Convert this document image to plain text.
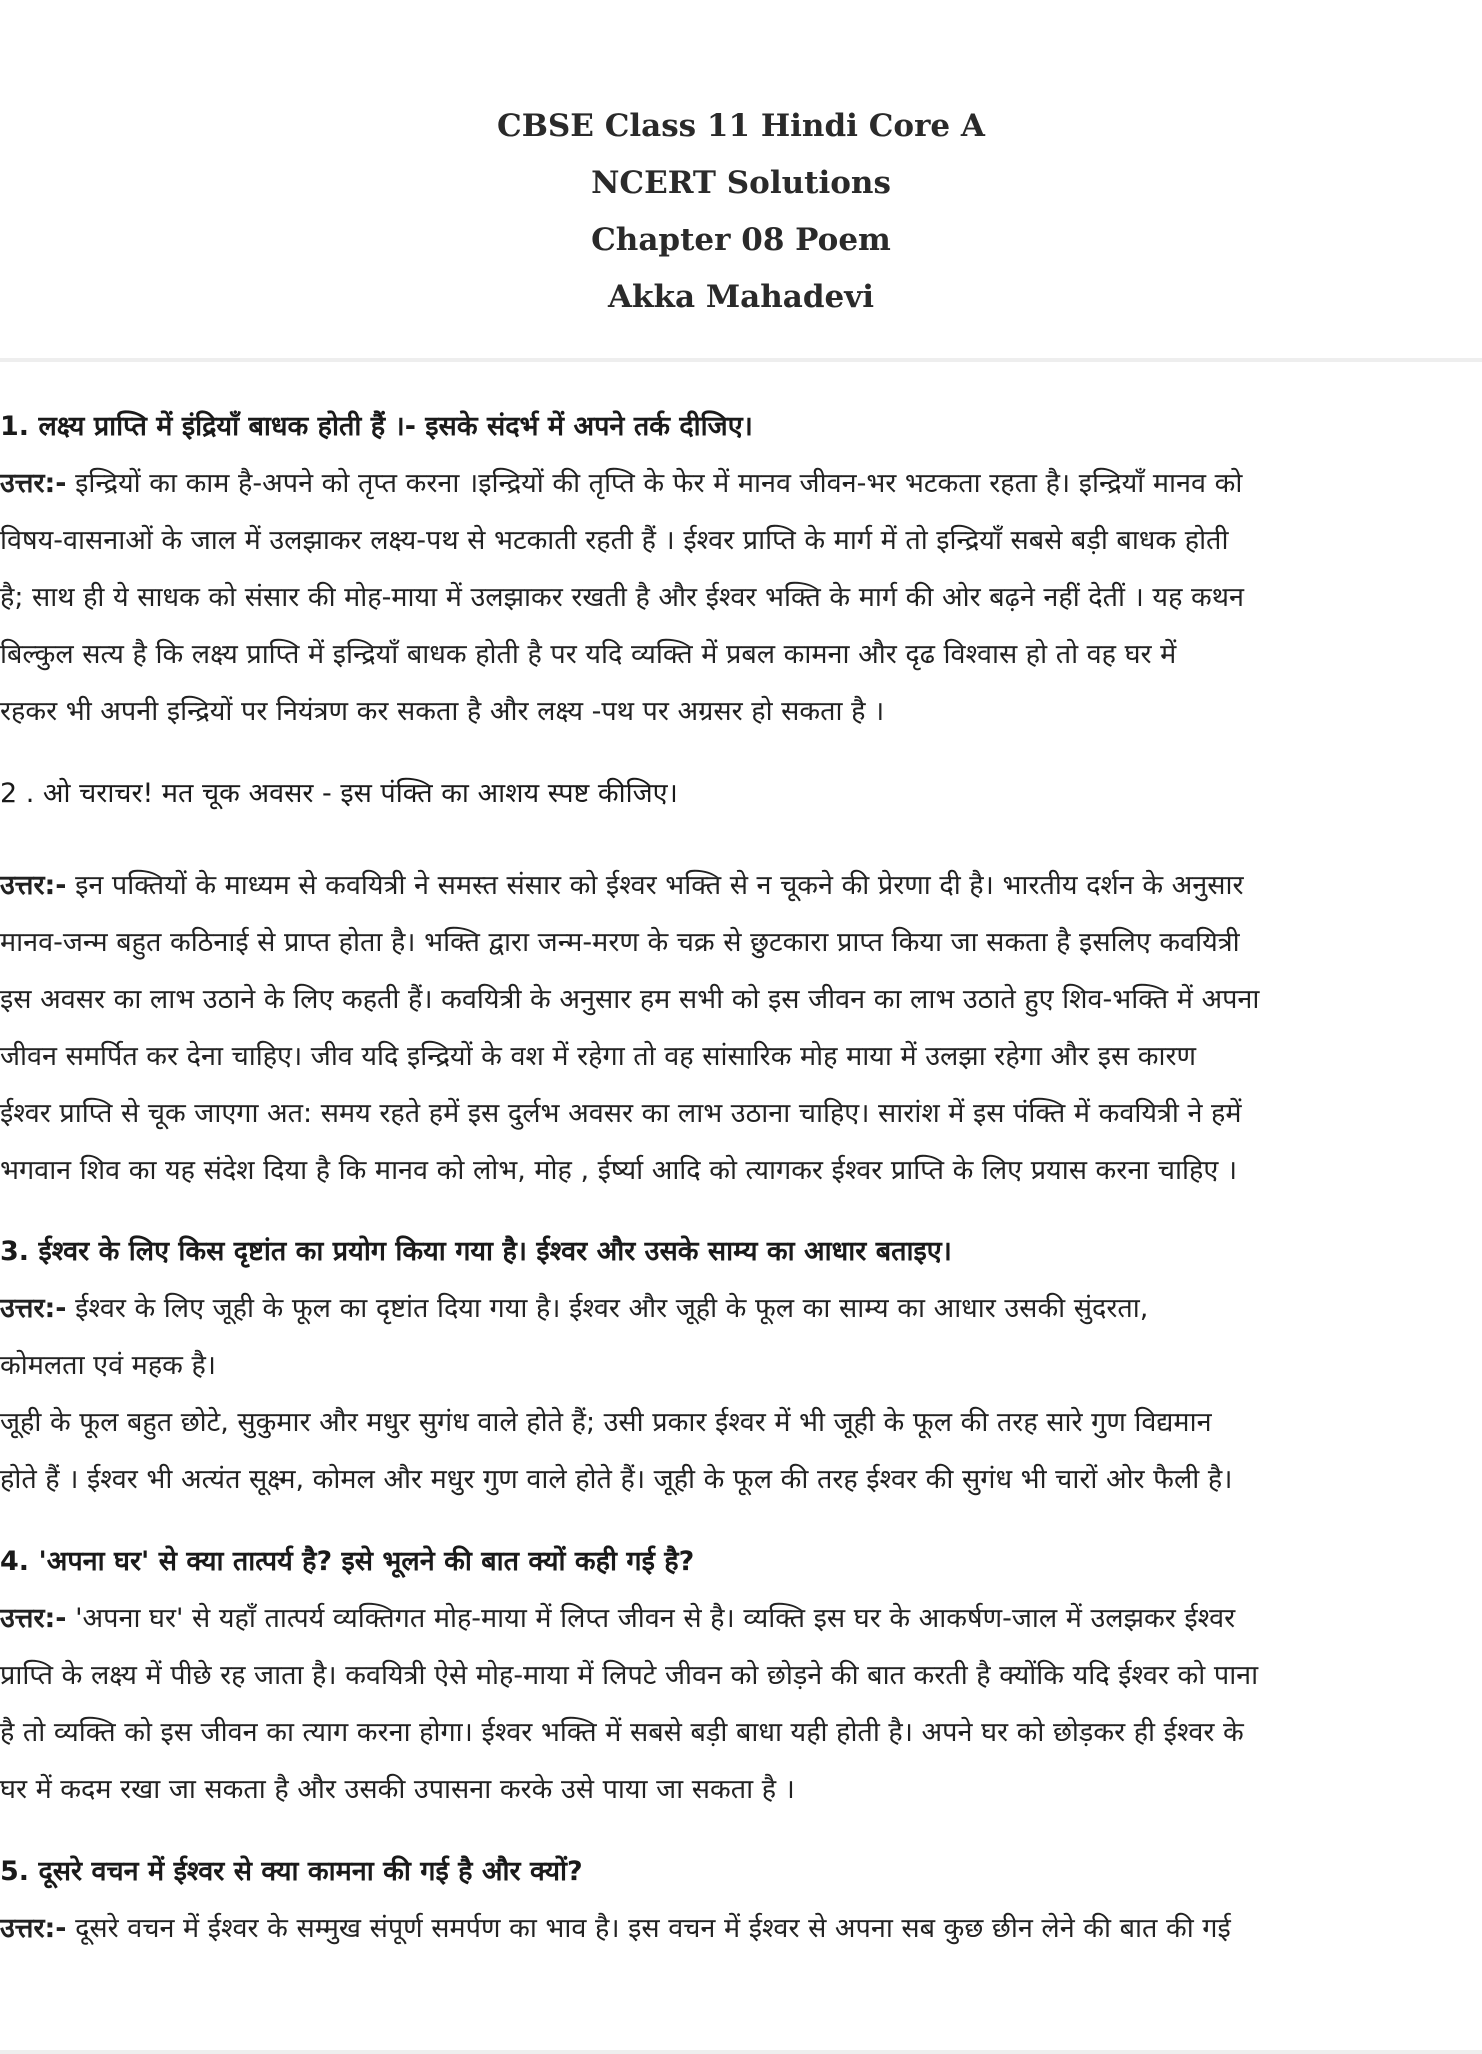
CBSE Class 11 Hindi Core A
NCERT Solutions
Chapter 08 Poem
Akka Mahadevi
1. लक्ष्य प्राप्ति में इंद्रियाँ बाधक होती हैं ।- इसके संदर्भ में अपने तर्क दीजिए।
उत्तर:- इन्द्रियों का काम है-अपने को तृप्त करना ।इन्द्रियों की तृप्ति के फेर में मानव जीवन-भर भटकता रहता है। इन्द्रियाँ मानव को
विषय-वासनाओं के जाल में उलझाकर लक्ष्य-पथ से भटकाती रहती हैं । ईश्वर प्राप्ति के मार्ग में तो इन्द्रियाँ सबसे बड़ी बाधक होती
है; साथ ही ये साधक को संसार की मोह-माया में उलझाकर रखती है और ईश्वर भक्ति के मार्ग की ओर बढ़ने नहीं देतीं । यह कथन
बिल्कुल सत्य है कि लक्ष्य प्राप्ति में इन्द्रियाँ बाधक होती है पर यदि व्यक्ति में प्रबल कामना और दृढ विश्वास हो तो वह घर में
रहकर भी अपनी इन्द्रियों पर नियंत्रण कर सकता है और लक्ष्य -पथ पर अग्रसर हो सकता है ।
2 . ओ चराचर! मत चूक अवसर - इस पंक्ति का आशय स्पष्ट कीजिए।
उत्तर:- इन पक्तियों के माध्यम से कवयित्री ने समस्त संसार को ईश्वर भक्ति से न चूकने की प्रेरणा दी है। भारतीय दर्शन के अनुसार
मानव-जन्म बहुत कठिनाई से प्राप्त होता है। भक्ति द्वारा जन्म-मरण के चक्र से छुटकारा प्राप्त किया जा सकता है इसलिए कवयित्री
इस अवसर का लाभ उठाने के लिए कहती हैं। कवयित्री के अनुसार हम सभी को इस जीवन का लाभ उठाते हुए शिव-भक्ति में अपना
जीवन समर्पित कर देना चाहिए। जीव यदि इन्द्रियों के वश में रहेगा तो वह सांसारिक मोह माया में उलझा रहेगा और इस कारण
ईश्वर प्राप्ति से चूक जाएगा अत: समय रहते हमें इस दुर्लभ अवसर का लाभ उठाना चाहिए। सारांश में इस पंक्ति में कवयित्री ने हमें
भगवान शिव का यह संदेश दिया है कि मानव को लोभ, मोह , ईर्ष्या आदि को त्यागकर ईश्वर प्राप्ति के लिए प्रयास करना चाहिए ।
3. ईश्वर के लिए किस दृष्टांत का प्रयोग किया गया है। ईश्वर और उसके साम्य का आधार बताइए।
उत्तर:- ईश्वर के लिए जूही के फूल का दृष्टांत दिया गया है। ईश्वर और जूही के फूल का साम्य का आधार उसकी सुंदरता,
कोमलता एवं महक है।
जूही के फूल बहुत छोटे, सुकुमार और मधुर सुगंध वाले होते हैं; उसी प्रकार ईश्वर में भी जूही के फूल की तरह सारे गुण विद्यमान
होते हैं । ईश्वर भी अत्यंत सूक्ष्म, कोमल और मधुर गुण वाले होते हैं। जूही के फूल की तरह ईश्वर की सुगंध भी चारों ओर फैली है।
4. 'अपना घर' से क्या तात्पर्य है? इसे भूलने की बात क्यों कही गई है?
उत्तर:- 'अपना घर' से यहाँ तात्पर्य व्यक्तिगत मोह-माया में लिप्त जीवन से है। व्यक्ति इस घर के आकर्षण-जाल में उलझकर ईश्वर
प्राप्ति के लक्ष्य में पीछे रह जाता है। कवयित्री ऐसे मोह-माया में लिपटे जीवन को छोड़ने की बात करती है क्योंकि यदि ईश्वर को पाना
है तो व्यक्ति को इस जीवन का त्याग करना होगा। ईश्वर भक्ति में सबसे बड़ी बाधा यही होती है। अपने घर को छोड़कर ही ईश्वर के
घर में कदम रखा जा सकता है और उसकी उपासना करके उसे पाया जा सकता है ।
5. दूसरे वचन में ईश्वर से क्या कामना की गई है और क्यों?
उत्तर:- दूसरे वचन में ईश्वर के सम्मुख संपूर्ण समर्पण का भाव है। इस वचन में ईश्वर से अपना सब कुछ छीन लेने की बात की गई
